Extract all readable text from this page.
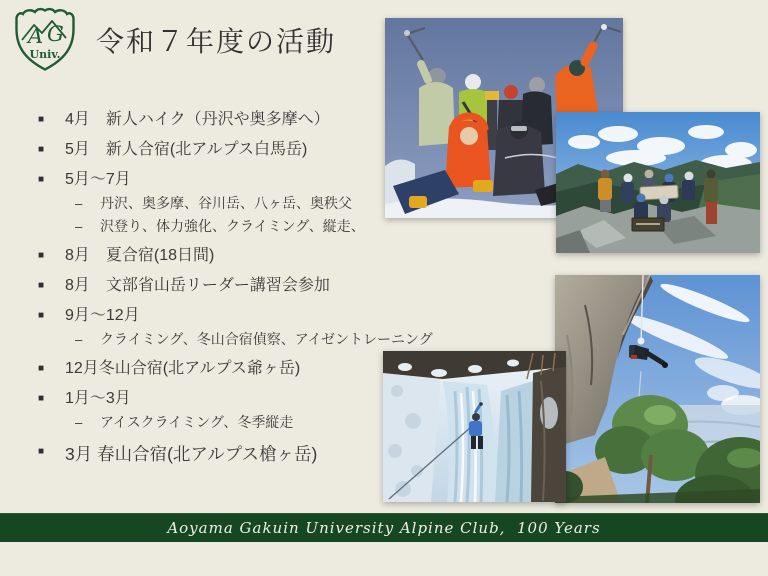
A G
Univ. 令和７年度の活動
■	4月　新人ハイク（丹沢や奥多摩へ）
■	5月　新人合宿(北アルプス白馬岳)
■	5月～7月
–	丹沢、奥多摩、谷川岳、八ヶ岳、奥秩父
–	沢登り、体力強化、クライミング、縦走、
■	8月　夏合宿(18日間)
■	8月　文部省山岳リーダー講習会参加
■	9月～12月
–	クライミング、冬山合宿偵察、アイゼントレーニング
■	12月冬山合宿(北アルプス爺ヶ岳)
■	1月～3月
–	アイスクライミング、冬季縦走
■	3月 春山合宿(北アルプス槍ヶ岳)
Aoyama Gakuin University Alpine Club,  100 Years
